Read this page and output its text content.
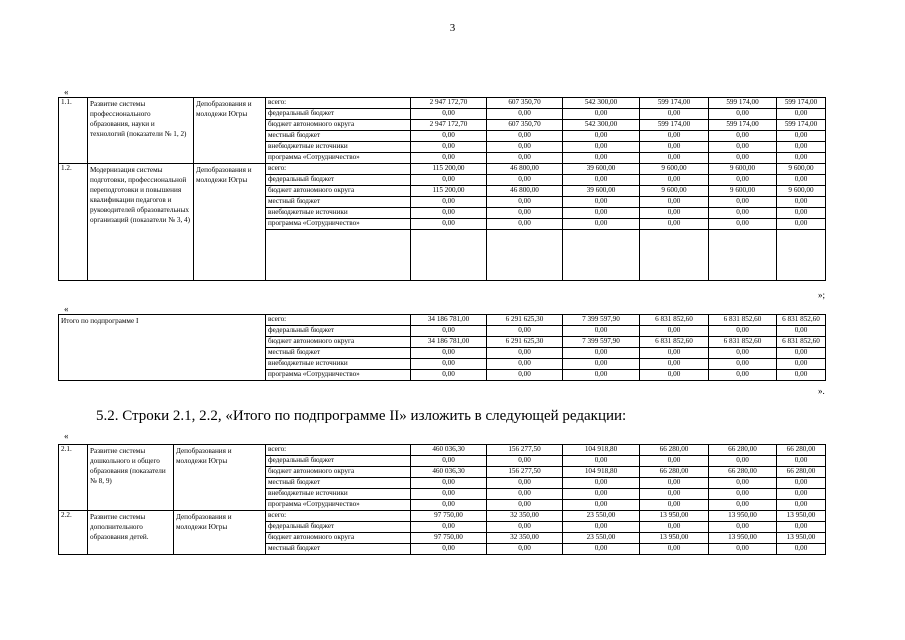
3
«
1.1.	Развитие системы профессионального образования, науки и технологий (показатели № 1, 2)	Депобразования и молодежи Югры	всего:	2 947 172,70	607 350,70	542 300,00	599 174,00	599 174,00	599 174,00
			федеральный бюджет	0,00	0,00	0,00	0,00	0,00	0,00
			бюджет автономного округа	2 947 172,70	607 350,70	542 300,00	599 174,00	599 174,00	599 174,00
			местный бюджет	0,00	0,00	0,00	0,00	0,00	0,00
			внебюджетные источники	0,00	0,00	0,00	0,00	0,00	0,00
			программа «Сотрудничество»	0,00	0,00	0,00	0,00	0,00	0,00
1.2.	Модернизация системы подготовки, профессиональной переподготовки и повышения квалификации педагогов и руководителей образовательных организаций (показатели № 3, 4)	Депобразования и молодежи Югры	всего:	115 200,00	46 800,00	39 600,00	9 600,00	9 600,00	9 600,00
			федеральный бюджет	0,00	0,00	0,00	0,00	0,00	0,00
			бюджет автономного округа	115 200,00	46 800,00	39 600,00	9 600,00	9 600,00	9 600,00
			местный бюджет	0,00	0,00	0,00	0,00	0,00	0,00
			внебюджетные источники	0,00	0,00	0,00	0,00	0,00	0,00
			программа «Сотрудничество»	0,00	0,00	0,00	0,00	0,00	0,00

»;
«
Итого по подпрограмме I	всего:	34 186 781,00	6 291 625,30	7 399 597,90	6 831 852,60	6 831 852,60	6 831 852,60
	федеральный бюджет	0,00	0,00	0,00	0,00	0,00	0,00
	бюджет автономного округа	34 186 781,00	6 291 625,30	7 399 597,90	6 831 852,60	6 831 852,60	6 831 852,60
	местный бюджет	0,00	0,00	0,00	0,00	0,00	0,00
	внебюджетные источники	0,00	0,00	0,00	0,00	0,00	0,00
	программа «Сотрудничество»	0,00	0,00	0,00	0,00	0,00	0,00
».
5.2. Строки 2.1, 2.2, «Итого по подпрограмме II» изложить в следующей редакции:
«
2.1.	Развитие системы дошкольного и общего образования (показатели № 8, 9)	Депобразования и молодежи Югры	всего:	460 036,30	156 277,50	104 918,80	66 280,00	66 280,00	66 280,00
			федеральный бюджет	0,00	0,00	0,00	0,00	0,00	0,00
			бюджет автономного округа	460 036,30	156 277,50	104 918,80	66 280,00	66 280,00	66 280,00
			местный бюджет	0,00	0,00	0,00	0,00	0,00	0,00
			внебюджетные источники	0,00	0,00	0,00	0,00	0,00	0,00
			программа «Сотрудничество»	0,00	0,00	0,00	0,00	0,00	0,00
2.2.	Развитие системы дополнительного образования детей.	Депобразования и молодежи Югры	всего:	97 750,00	32 350,00	23 550,00	13 950,00	13 950,00	13 950,00
			федеральный бюджет	0,00	0,00	0,00	0,00	0,00	0,00
			бюджет автономного округа	97 750,00	32 350,00	23 550,00	13 950,00	13 950,00	13 950,00
			местный бюджет	0,00	0,00	0,00	0,00	0,00	0,00
